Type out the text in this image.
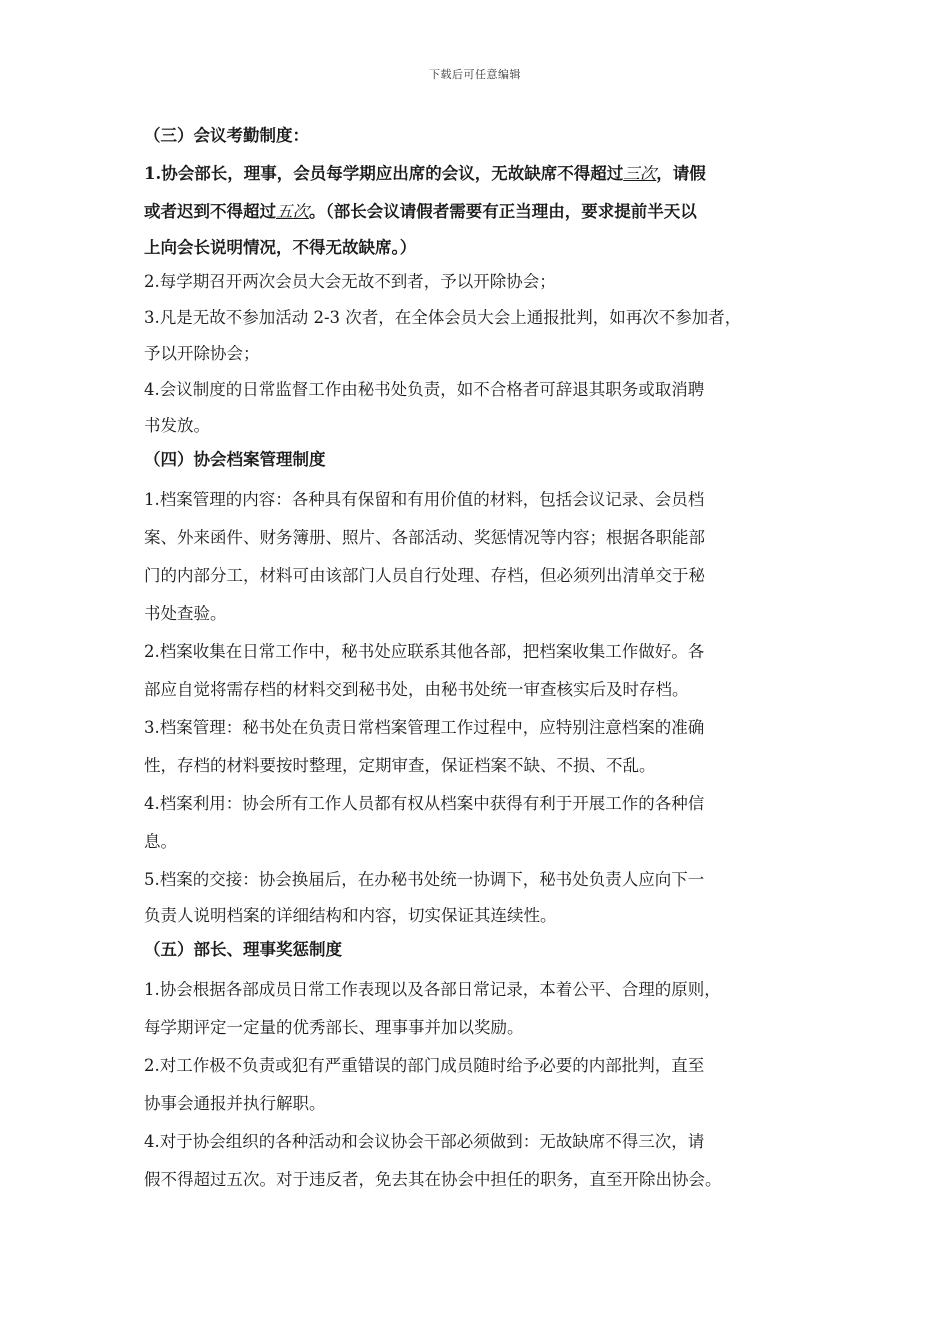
下载后可任意编辑
（三）会议考勤制度：
1.协会部长，理事，会员每学期应出席的会议，无故缺席不得超过三次，请假
或者迟到不得超过五次。（部长会议请假者需要有正当理由，要求提前半天以
上向会长说明情况，不得无故缺席。）
2.每学期召开两次会员大会无故不到者，予以开除协会；
3.凡是无故不参加活动 2-3 次者，在全体会员大会上通报批判，如再次不参加者，
予以开除协会；
4.会议制度的日常监督工作由秘书处负责，如不合格者可辞退其职务或取消聘
书发放。
（四）协会档案管理制度
1.档案管理的内容：各种具有保留和有用价值的材料，包括会议记录、会员档
案、外来函件、财务簿册、照片、各部活动、奖惩情况等内容；根据各职能部
门的内部分工，材料可由该部门人员自行处理、存档，但必须列出清单交于秘
书处查验。
2.档案收集在日常工作中，秘书处应联系其他各部，把档案收集工作做好。各
部应自觉将需存档的材料交到秘书处，由秘书处统一审查核实后及时存档。
3.档案管理：秘书处在负责日常档案管理工作过程中，应特别注意档案的准确
性，存档的材料要按时整理，定期审查，保证档案不缺、不损、不乱。
4.档案利用：协会所有工作人员都有权从档案中获得有利于开展工作的各种信
息。
5.档案的交接：协会换届后，在办秘书处统一协调下，秘书处负责人应向下一
负责人说明档案的详细结构和内容，切实保证其连续性。
（五）部长、理事奖惩制度
1.协会根据各部成员日常工作表现以及各部日常记录，本着公平、合理的原则，
每学期评定一定量的优秀部长、理事事并加以奖励。
2.对工作极不负责或犯有严重错误的部门成员随时给予必要的内部批判，直至
协事会通报并执行解职。
4.对于协会组织的各种活动和会议协会干部必须做到：无故缺席不得三次，请
假不得超过五次。对于违反者，免去其在协会中担任的职务，直至开除出协会。
